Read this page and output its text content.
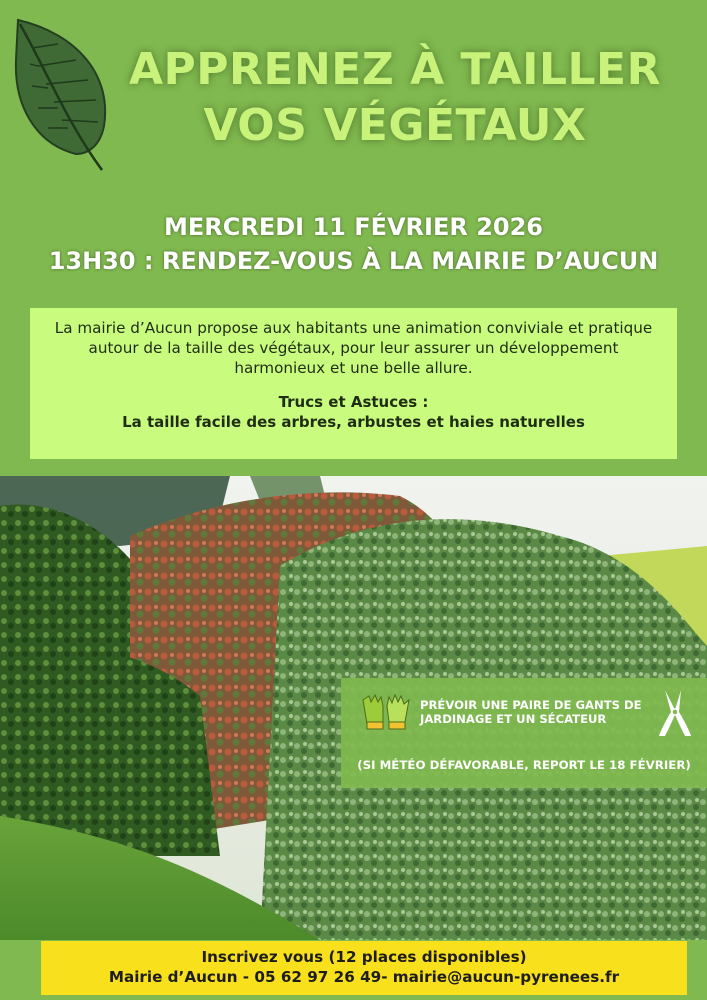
APPRENEZ À TAILLER
VOS VÉGÉTAUX
MERCREDI 11 FÉVRIER 2026
13H30 : RENDEZ-VOUS À LA MAIRIE D’AUCUN
La mairie d’Aucun propose aux habitants une animation conviviale et pratique autour de la taille des végétaux, pour leur assurer un développement harmonieux et une belle allure.
Trucs et Astuces :
La taille facile des arbres, arbustes et haies naturelles
PRÉVOIR UNE PAIRE DE GANTS DE JARDINAGE ET UN SÉCATEUR
(SI MÉTÉO DÉFAVORABLE, REPORT LE 18 FÉVRIER)
Inscrivez vous (12 places disponibles)
Mairie d’Aucun - 05 62 97 26 49- mairie@aucun-pyrenees.fr
